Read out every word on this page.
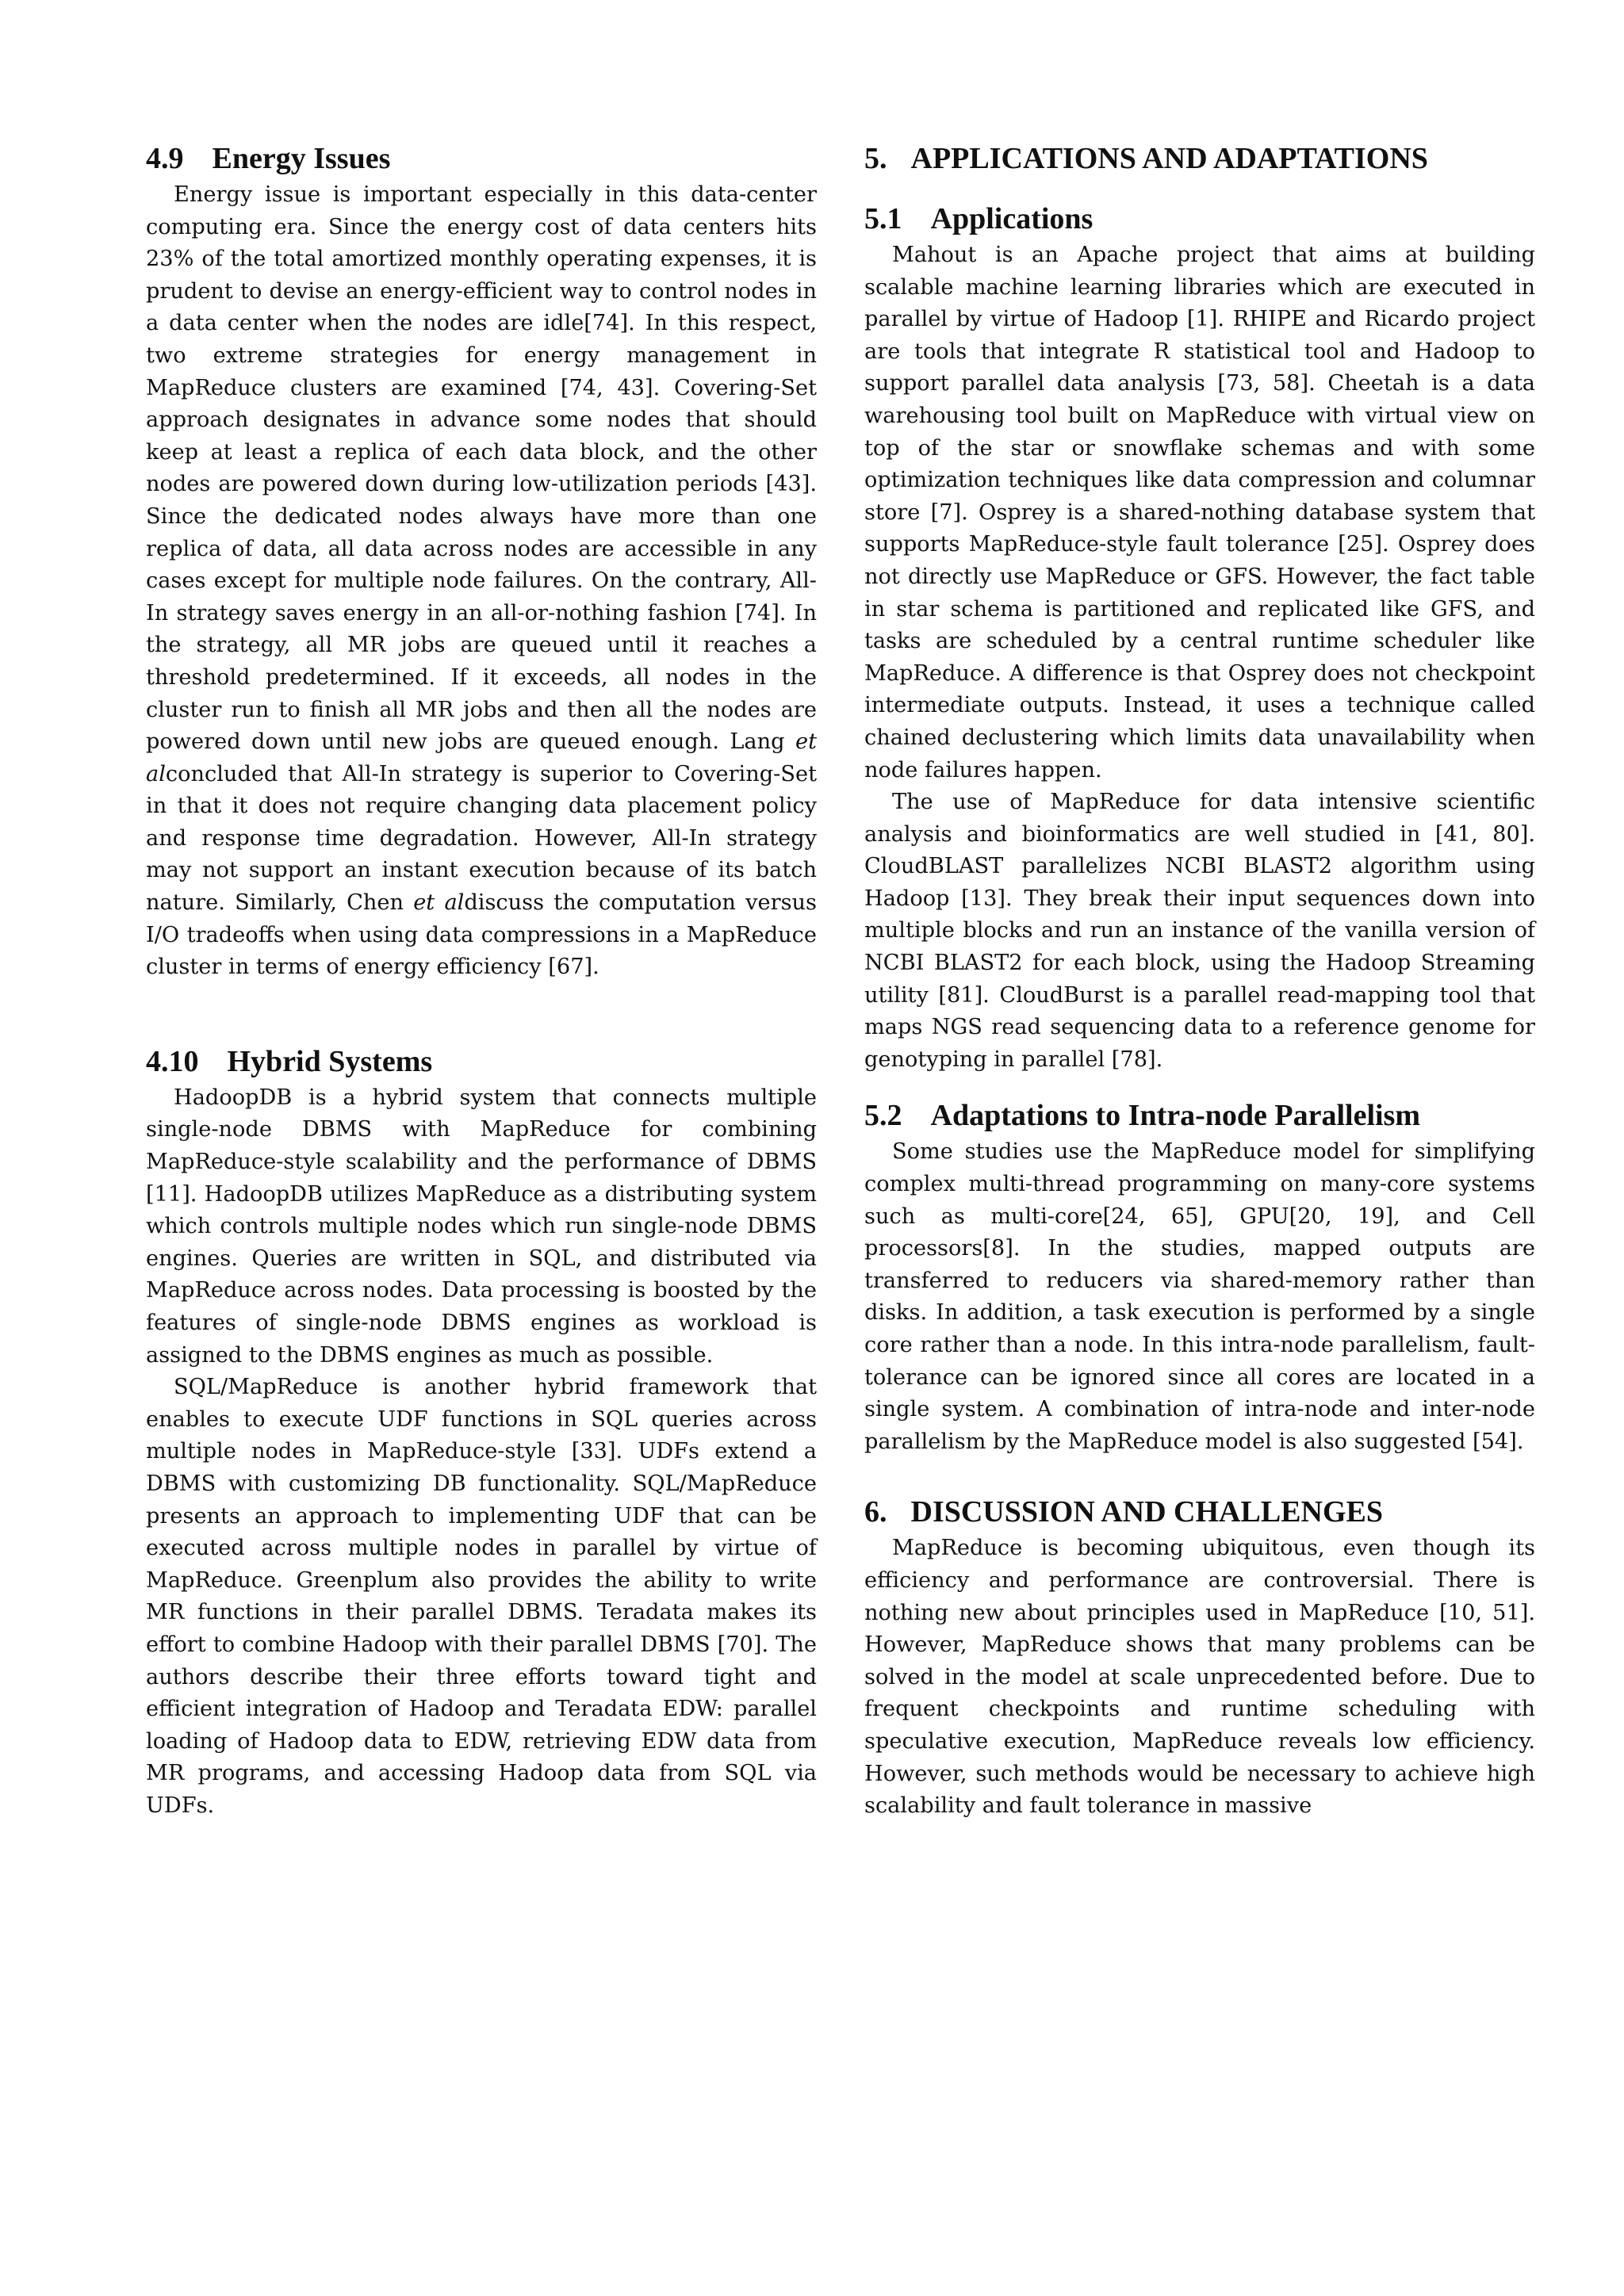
4.9 Energy Issues

Energy issue is important especially in this data-center computing era. Since the energy cost of data centers hits 23% of the total amortized monthly operating expenses, it is prudent to devise an energy-efficient way to control nodes in a data center when the nodes are idle[74]. In this respect, two extreme strategies for energy management in MapReduce clusters are examined [74, 43]. Covering-Set approach designates in advance some nodes that should keep at least a replica of each data block, and the other nodes are powered down during low-utilization periods [43]. Since the dedicated nodes always have more than one replica of data, all data across nodes are accessible in any cases except for multiple node failures. On the contrary, All-In strategy saves energy in an all-or-nothing fashion [74]. In the strategy, all MR jobs are queued until it reaches a threshold predetermined. If it exceeds, all nodes in the cluster run to finish all MR jobs and then all the nodes are powered down until new jobs are queued enough. Lang et alconcluded that All-In strategy is superior to Covering-Set in that it does not require changing data placement policy and response time degradation. However, All-In strategy may not support an instant execution because of its batch nature. Similarly, Chen et aldiscuss the computation versus I/O tradeoffs when using data compressions in a MapReduce cluster in terms of energy efficiency [67].

4.10 Hybrid Systems

HadoopDB is a hybrid system that connects multiple single-node DBMS with MapReduce for combining MapReduce-style scalability and the performance of DBMS [11]. HadoopDB utilizes MapReduce as a distributing system which controls multiple nodes which run single-node DBMS engines. Queries are written in SQL, and distributed via MapReduce across nodes. Data processing is boosted by the features of single-node DBMS engines as workload is assigned to the DBMS engines as much as possible.

SQL/MapReduce is another hybrid framework that enables to execute UDF functions in SQL queries across multiple nodes in MapReduce-style [33]. UDFs extend a DBMS with customizing DB functionality. SQL/MapReduce presents an approach to implementing UDF that can be executed across multiple nodes in parallel by virtue of MapReduce. Greenplum also provides the ability to write MR functions in their parallel DBMS. Teradata makes its effort to combine Hadoop with their parallel DBMS [70]. The authors describe their three efforts toward tight and efficient integration of Hadoop and Teradata EDW: parallel loading of Hadoop data to EDW, retrieving EDW data from MR programs, and accessing Hadoop data from SQL via UDFs.

5. APPLICATIONS AND ADAPTATIONS
5.1 Applications

Mahout is an Apache project that aims at building scalable machine learning libraries which are executed in parallel by virtue of Hadoop [1]. RHIPE and Ricardo project are tools that integrate R statistical tool and Hadoop to support parallel data analysis [73, 58]. Cheetah is a data warehousing tool built on MapReduce with virtual view on top of the star or snowflake schemas and with some optimization techniques like data compression and columnar store [7]. Osprey is a shared-nothing database system that supports MapReduce-style fault tolerance [25]. Osprey does not directly use MapReduce or GFS. However, the fact table in star schema is partitioned and replicated like GFS, and tasks are scheduled by a central runtime scheduler like MapReduce. A difference is that Osprey does not checkpoint intermediate outputs. Instead, it uses a technique called chained declustering which limits data unavailability when node failures happen.

The use of MapReduce for data intensive scientific analysis and bioinformatics are well studied in [41, 80]. CloudBLAST parallelizes NCBI BLAST2 algorithm using Hadoop [13]. They break their input sequences down into multiple blocks and run an instance of the vanilla version of NCBI BLAST2 for each block, using the Hadoop Streaming utility [81]. CloudBurst is a parallel read-mapping tool that maps NGS read sequencing data to a reference genome for genotyping in parallel [78].

5.2 Adaptations to Intra-node Parallelism

Some studies use the MapReduce model for simplifying complex multi-thread programming on many-core systems such as multi-core[24, 65], GPU[20, 19], and Cell processors[8]. In the studies, mapped outputs are transferred to reducers via shared-memory rather than disks. In addition, a task execution is performed by a single core rather than a node. In this intra-node parallelism, fault-tolerance can be ignored since all cores are located in a single system. A combination of intra-node and inter-node parallelism by the MapReduce model is also suggested [54].

6. DISCUSSION AND CHALLENGES

MapReduce is becoming ubiquitous, even though its efficiency and performance are controversial. There is nothing new about principles used in MapReduce [10, 51]. However, MapReduce shows that many problems can be solved in the model at scale unprecedented before. Due to frequent checkpoints and runtime scheduling with speculative execution, MapReduce reveals low efficiency. However, such methods would be necessary to achieve high scalability and fault tolerance in massive
